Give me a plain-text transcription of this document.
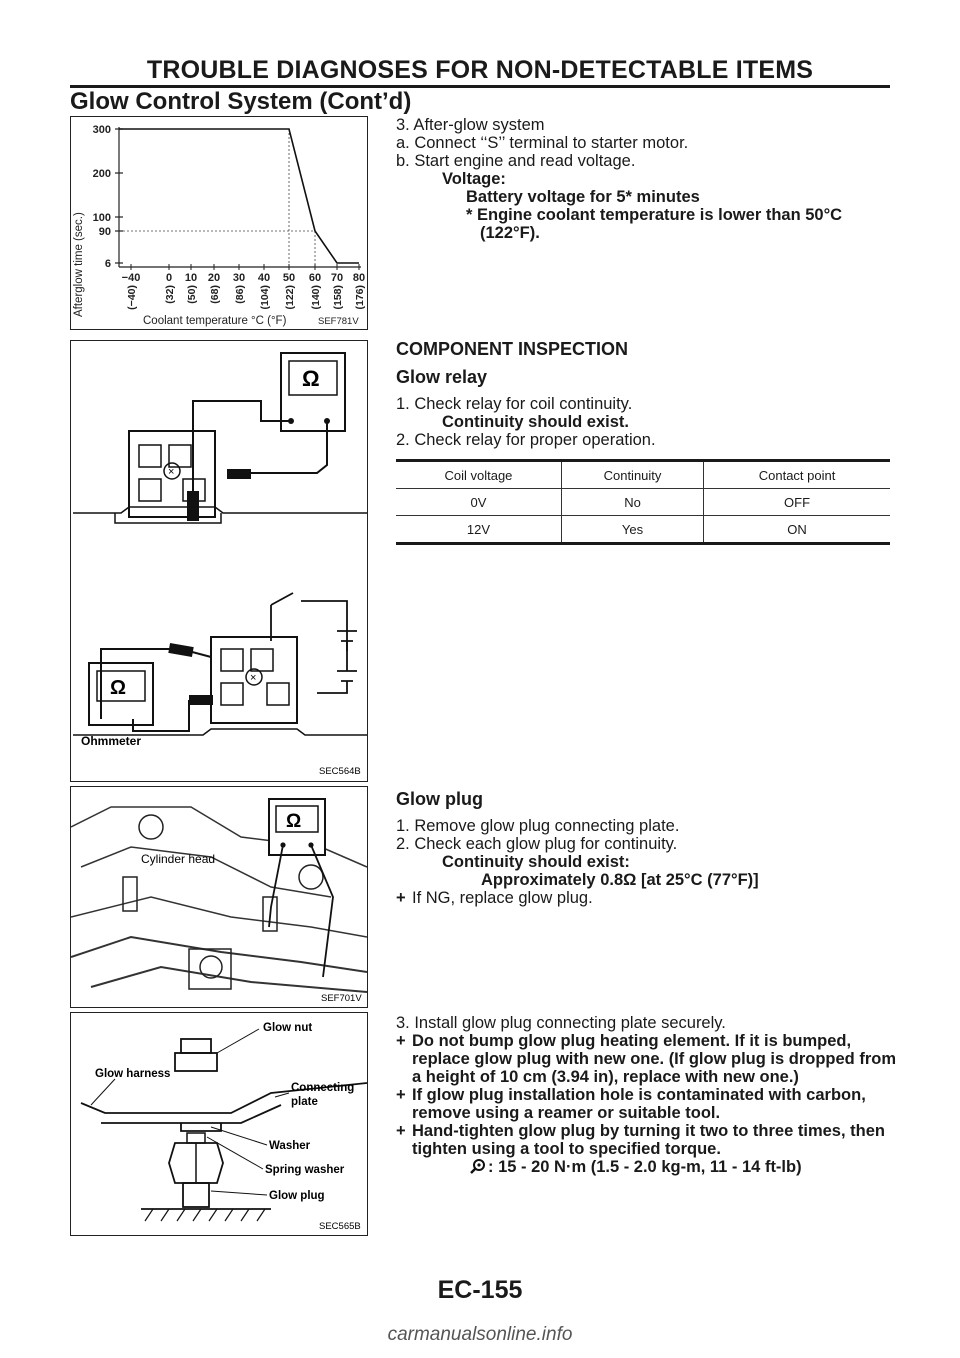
TROUBLE DIAGNOSES FOR NON-DETECTABLE ITEMS
Glow Control System (Cont’d)
Afterglow time (sec.)
300
200
100
90
6
−40
(−40)
0
(32)
10
(50)
20
(68)
30
(86)
40
(104)
50
(122)
60
(140)
70
(158)
80
(176)
Coolant temperature °C (°F)	SEF781V
3. After-glow system
a. Connect ‘‘S’’ terminal to starter motor.
b. Start engine and read voltage.
Voltage:
Battery voltage for 5* minutes
* Engine coolant temperature is lower than 50°C
(122°F).
Ω
×
×
Ω
Ohmmeter
SEC564B
COMPONENT INSPECTION
Glow relay
1. Check relay for coil continuity.
Continuity should exist.
2. Check relay for proper operation.
Coil voltage	Continuity	Contact point
0V	No	OFF
12V	Yes	ON
Ω
Cylinder head
SEF701V
Glow plug
1. Remove glow plug connecting plate.
2. Check each glow plug for continuity.
Continuity should exist:
Approximately 0.8Ω [at 25°C (77°F)]
+ If NG, replace glow plug.
Glow nut
Glow harness
Connecting
plate
Washer
Spring washer
Glow plug
SEC565B
3. Install glow plug connecting plate securely.
+ Do not bump glow plug heating element. If it is bumped, replace glow plug with new one. (If glow plug is dropped from a height of 10 cm (3.94 in), replace with new one.)
+ If glow plug installation hole is contaminated with carbon, remove using a reamer or suitable tool.
+ Hand-tighten glow plug by turning it two to three times, then tighten using a tool to specified torque.
: 15 - 20 N·m (1.5 - 2.0 kg-m, 11 - 14 ft-lb)
EC-155
carmanualsonline.info
